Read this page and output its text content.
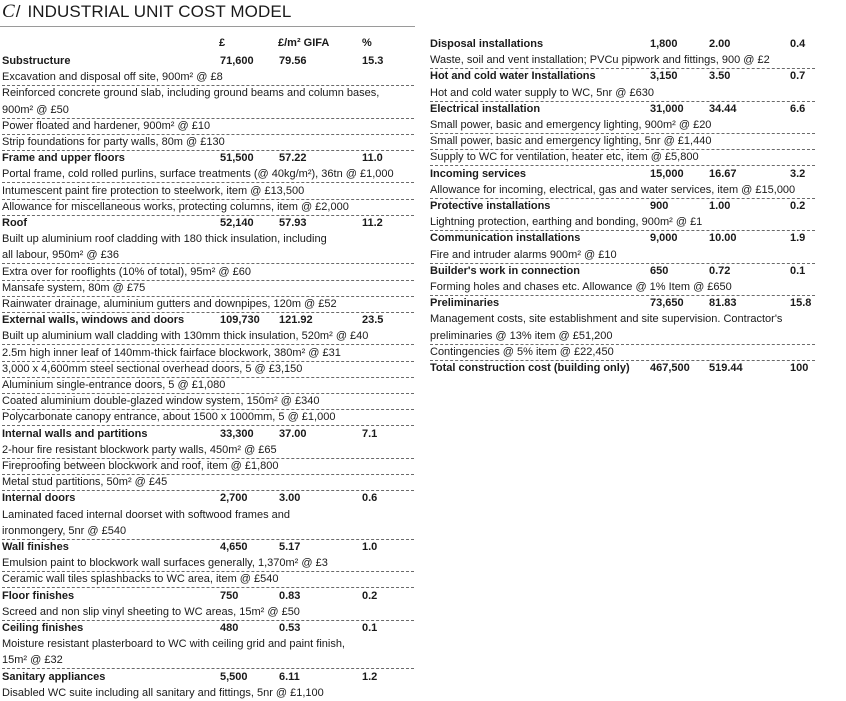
C/ INDUSTRIAL UNIT COST MODEL
£	£/m² GIFA	%
Substructure	71,600 79.56	15.3
Excavation and disposal off site, 900m² @ £8
Reinforced concrete ground slab, including ground beams and column bases,
900m² @ £50
Power floated and hardener, 900m² @ £10
Strip foundations for party walls, 80m @ £130
Frame and upper floors	51,500 57.22	11.0
Portal frame, cold rolled purlins, surface treatments (@ 40kg/m²), 36tn @ £1,000
Intumescent paint fire protection to steelwork, item @ £13,500
Allowance for miscellaneous works, protecting columns, item @ £2,000
Roof	52,140 57.93	11.2
Built up aluminium roof cladding with 180 thick insulation, including
all labour, 950m² @ £36
Extra over for rooflights (10% of total), 95m² @ £60
Mansafe system, 80m @ £75
Rainwater drainage, aluminium gutters and downpipes, 120m @ £52
External walls, windows and doors	109,730 121.92	23.5
Built up aluminium wall cladding with 130mm thick insulation, 520m² @ £40
2.5m high inner leaf of 140mm-thick fairface blockwork, 380m² @ £31
3,000 x 4,600mm steel sectional overhead doors, 5 @ £3,150
Aluminium single-entrance doors, 5 @ £1,080
Coated aluminium double-glazed window system, 150m² @ £340
Polycarbonate canopy entrance, about 1500 x 1000mm, 5 @ £1,000
Internal walls and partitions	33,300 37.00	7.1
2-hour fire resistant blockwork party walls, 450m² @ £65
Fireproofing between blockwork and roof, item @ £1,800
Metal stud partitions, 50m² @ £45
Internal doors	2,700	3.00	0.6
Laminated faced internal doorset with softwood frames and
ironmongery, 5nr @ £540
Wall finishes	4,650	5.17	1.0
Emulsion paint to blockwork wall surfaces generally, 1,370m² @ £3
Ceramic wall tiles splashbacks to WC area, item @ £540
Floor finishes	750	0.83	0.2
Screed and non slip vinyl sheeting to WC areas, 15m² @ £50
Ceiling finishes	480	0.53	0.1
Moisture resistant plasterboard to WC with ceiling grid and paint finish,
15m² @ £32
Sanitary appliances	5,500	6.11	1.2
Disabled WC suite including all sanitary and fittings, 5nr @ £1,100
Disposal installations	1,800	2.00	0.4
Waste, soil and vent installation; PVCu pipwork and fittings, 900 @ £2
Hot and cold water Installations	3,150	3.50	0.7
Hot and cold water supply to WC, 5nr @ £630
Electrical installation	31,000 34.44	6.6
Small power, basic and emergency lighting, 900m² @ £20
Small power, basic and emergency lighting, 5nr @ £1,440
Supply to WC for ventilation, heater etc, item @ £5,800
Incoming services	15,000 16.67	3.2
Allowance for incoming, electrical, gas and water services, item @ £15,000
Protective installations	900	1.00	0.2
Lightning protection, earthing and bonding, 900m² @ £1
Communication installations	9,000	10.00	1.9
Fire and intruder alarms 900m² @ £10
Builder's work in connection	650	0.72	0.1
Forming holes and chases etc. Allowance @ 1% Item @ £650
Preliminaries	73,650 81.83	15.8
Management costs, site establishment and site supervision. Contractor's
preliminaries @ 13% item @ £51,200
Contingencies @ 5% item @ £22,450
Total construction cost (building only) 467,500 519.44	100
